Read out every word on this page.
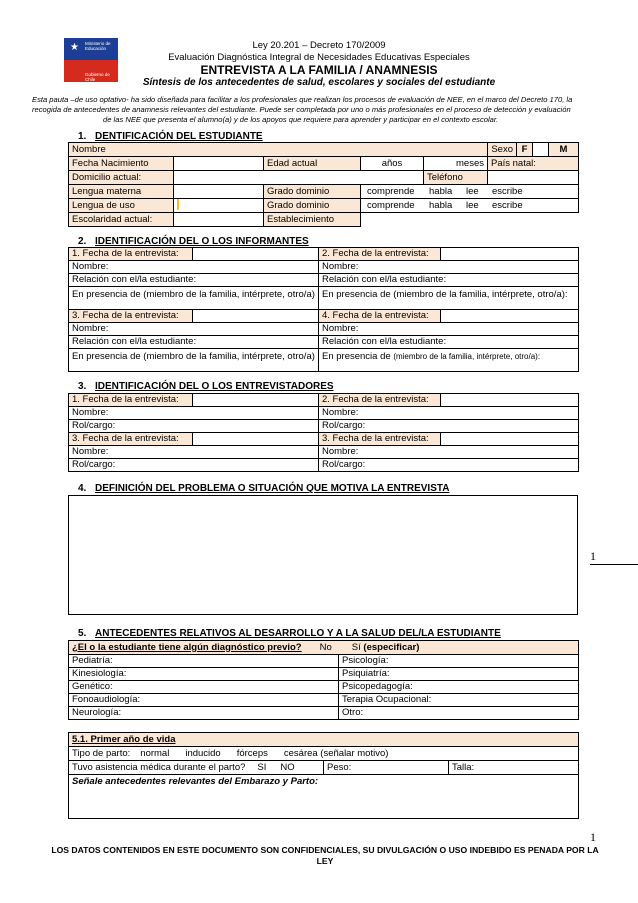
★ Ministerio de
Educación
Gobierno de Chile
Ley 20.201 – Decreto 170/2009
Evaluación Diagnóstica Integral de Necesidades Educativas Especiales
ENTREVISTA A LA FAMILIA / ANAMNESIS
Síntesis de los antecedentes de salud, escolares y sociales del estudiante
Esta pauta –de uso optativo- ha sido diseñada para facilitar a los profesionales que realizan los procesos de evaluación de NEE, en el marco del Decreto 170, la
recogida de antecedentes de anamnesis relevantes del estudiante. Puede ser completada por uno o más profesionales en el proceso de detección y evaluación
de las NEE que presenta el alumno(a) y de los apoyos que requiere para aprender y participar en el contexto escolar.
1. DENTIFICACIÓN DEL ESTUDIANTE
Nombre					Sexo	F		M
Fecha Nacimiento		Edad actual	años	meses	País natal:			
Domicilio actual:				Teléfono				
Lengua materna		Grado dominio	comprende habla lee escribe					
Lengua de uso		Grado dominio	comprende habla lee escribe					
Escolaridad actual:		Establecimiento						
2. IDENTIFICACIÓN DEL O LOS INFORMANTES
1. Fecha de la entrevista:		2. Fecha de la entrevista:	
Nombre:		Nombre:	
Relación con el/la estudiante:		Relación con el/la estudiante:	
En presencia de (miembro de la familia, intérprete, otro/a)		En presencia de (miembro de la familia, intérprete, otro/a):	
3. Fecha de la entrevista:		4. Fecha de la entrevista:	
Nombre:		Nombre:	
Relación con el/la estudiante:		Relación con el/la estudiante:	
En presencia de (miembro de la familia, intérprete, otro/a)		En presencia de (miembro de la familia, intérprete, otro/a):	
3. IDENTIFICACIÓN DEL O LOS ENTREVISTADORES
1. Fecha de la entrevista:		2. Fecha de la entrevista:	
Nombre:		Nombre:	
Rol/cargo:		Rol/cargo:	
3. Fecha de la entrevista:		3. Fecha de la entrevista:	
Nombre:		Nombre:	
Rol/cargo:		Rol/cargo:	
4. DEFINICIÓN DEL PROBLEMA O SITUACIÓN QUE MOTIVA LA ENTREVISTA
1
5. ANTECEDENTES RELATIVOS AL DESARROLLO Y A LA SALUD DEL/LA ESTUDIANTE
¿El o la estudiante tiene algún diagnóstico previo? No Sí (especificar)	
Pediatría:	Psicología:
Kinesiología:	Psiquiatría:
Genético:	Psicopedagogía:
Fonoaudiología:	Terapia Ocupacional:
Neurología:	Otro:
5.1. Primer año de vida
Tipo de parto: normal inducido fórceps cesárea (señalar motivo)
Tuvo asistencia médica durante el parto? SI NO	Peso:	Talla:
Señale antecedentes relevantes del Embarazo y Parto:
1
LOS DATOS CONTENIDOS EN ESTE DOCUMENTO SON CONFIDENCIALES, SU DIVULGACIÓN O USO INDEBIDO ES PENADA POR LA
LEY
